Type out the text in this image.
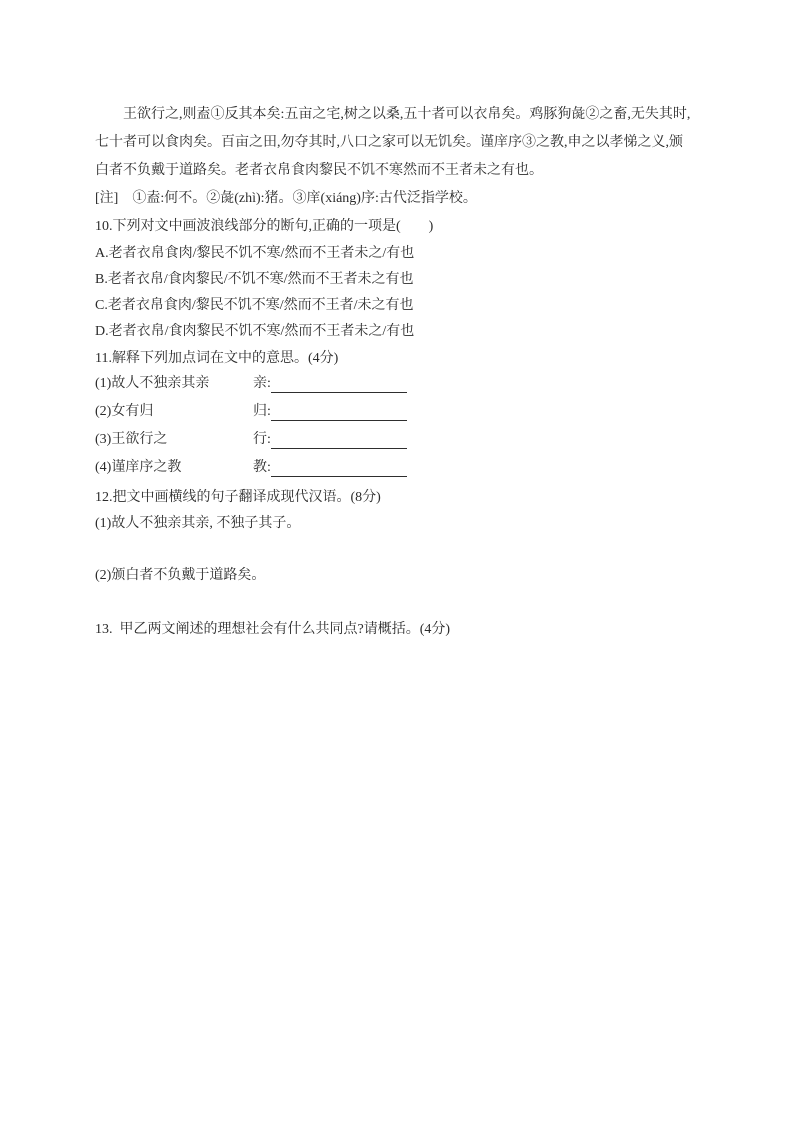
王欲行之,则盍①反其本矣:五亩之宅,树之以桑,五十者可以衣帛矣。鸡豚狗彘②之畜,无失其时,
七十者可以食肉矣。百亩之田,勿夺其时,八口之家可以无饥矣。谨庠序③之教,申之以孝悌之义,颁
白者不负戴于道路矣。老者衣帛食肉黎民不饥不寒然而不王者未之有也。
[注]　①盍:何不。②彘(zhì):猪。③庠(xiáng)序:古代泛指学校。
10.下列对文中画波浪线部分的断句,正确的一项是(　　)
A.老者衣帛食肉/黎民不饥不寒/然而不王者未之/有也
B.老者衣帛/食肉黎民/不饥不寒/然而不王者未之有也
C.老者衣帛食肉/黎民不饥不寒/然而不王者/未之有也
D.老者衣帛/食肉黎民不饥不寒/然而不王者未之/有也
11.解释下列加点词在文中的意思。(4分)
(1)故人不独亲其亲	亲:
(2)女有归	归:
(3)王欲行之	行:
(4)谨庠序之教	教:
12.把文中画横线的句子翻译成现代汉语。(8分)
(1)故人不独亲其亲, 不独子其子。
(2)颁白者不负戴于道路矣。
13.  甲乙两文阐述的理想社会有什么共同点?请概括。(4分)
